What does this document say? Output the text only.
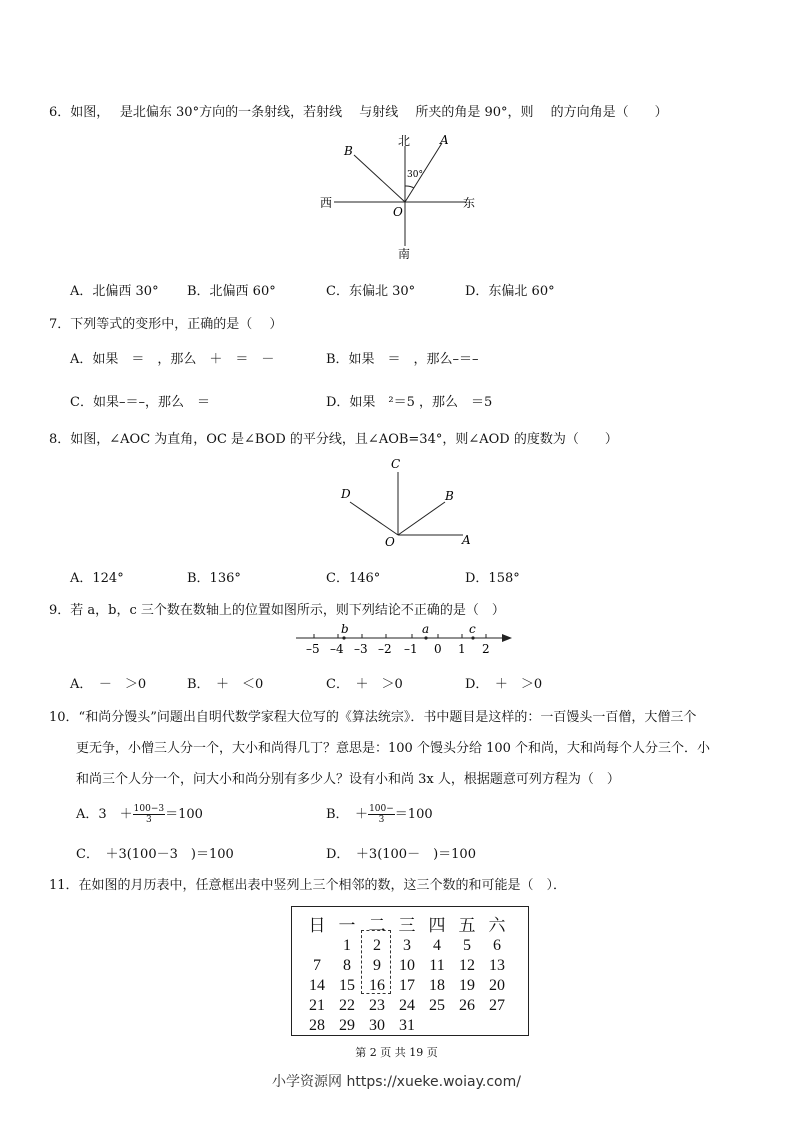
6．如图，　 是北偏东 30°方向的一条射线，若射线　 与射线　 所夹的角是 90°，则　 的方向角是（　　）
北
南
西	东
A
B
O
30°
A．北偏西 30° B．北偏西 60°	C．东偏北 30°	D．东偏北 60°
7．下列等式的变形中，正确的是（　 ）
A．如果　＝　，那么　＋　＝　－	B．如果　＝　，那么–＝–
C．如果–＝–，那么　＝	D．如果　²＝5 ，那么　＝5
8．如图，∠AOC 为直角，OC 是∠BOD 的平分线，且∠AOB=34°，则∠AOD 的度数为（　　）
C
D	B
O	A
A．124°	B．136°	C．146°	D．158°
9．若 a，b，c 三个数在数轴上的位置如图所示，则下列结论不正确的是（　）
b	a	c
–5 –4 –3 –2 –1 0 1 2
A．　－　＞0	B．　＋　＜0	C．　＋　＞0	D．　＋　＞0
10．“和尚分馒头”问题出自明代数学家程大位写的《算法统宗》．书中题目是这样的：一百馒头一百僧，大僧三个
更无争，小僧三人分一个，大小和尚得几丁？意思是：100 个馒头分给 100 个和尚，大和尚每个人分三个．小
和尚三个人分一个，问大小和尚分别有多少人？设有小和尚 3x 人，根据题意可列方程为（　）
A．3　＋ $\frac{100-3}{3} =100$	B．　＋ $\frac{100-}{3} =100$
C．　＋3(100－3　)＝100	D．　＋3(100－　)＝100
11．在如图的月历表中，任意框出表中竖列上三个相邻的数，这三个数的和可能是（　）．
日	一	二	三	四	五	六
	1	2	3	4	5	6
7	8	9	10	11	12	13
14	15	16	17	18	19	20
21	22	23	24	25	26	27
28	29	30	31			
第 2 页 共 19 页
小学资源网 https://xueke.woiay.com/
